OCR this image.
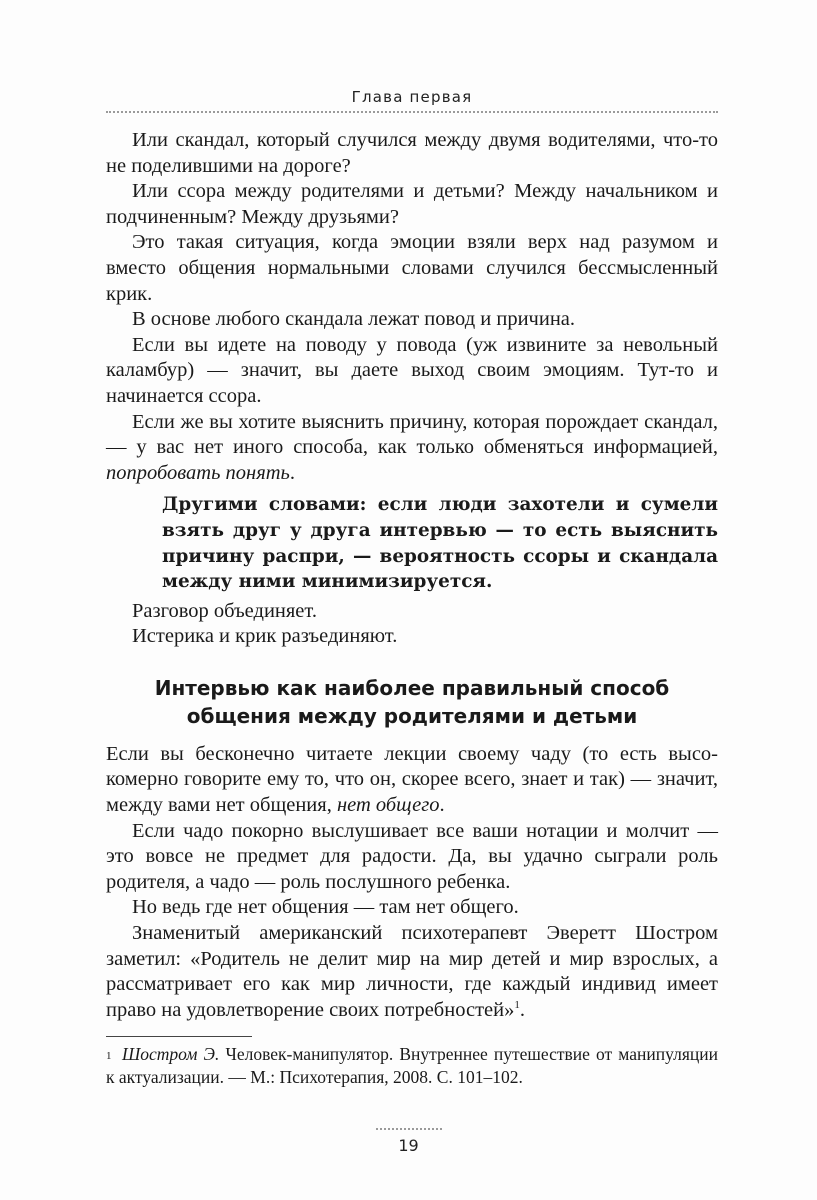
Глава первая

Или скандал, который случился между двумя водителями, что-то не поделившими на дороге?

Или ссора между родителями и детьми? Между начальником и подчиненным? Между друзьями?

Это такая ситуация, когда эмоции взяли верх над разумом и вместо общения нормальными словами случился бессмысленный крик.

В основе любого скандала лежат повод и причина.

Если вы идете на поводу у повода (уж извините за невольный каламбур) — значит, вы даете выход своим эмоциям. Тут-то и начинается ссора.

Если же вы хотите выяснить причину, которая порождает скандал, — у вас нет иного способа, как только обменяться информацией, попробовать понять.

Другими словами: если люди захотели и сумели взять друг у друга интервью — то есть выяснить причину распри, — вероятность ссоры и скандала между ними минимизируется.

Разговор объединяет.

Истерика и крик разъединяют.

Интервью как наиболее правильный способ общения между родителями и детьми

Если вы бесконечно читаете лекции своему чаду (то есть высокомерно говорите ему то, что он, скорее всего, знает и так) — значит, между вами нет общения, нет общего.

Если чадо покорно выслушивает все ваши нотации и молчит — это вовсе не предмет для радости. Да, вы удачно сыграли роль родителя, а чадо — роль послушного ребенка.

Но ведь где нет общения — там нет общего.

Знаменитый американский психотерапевт Эверетт Шостром заметил: «Родитель не делит мир на мир детей и мир взрослых, а рассматривает его как мир личности, где каждый индивид имеет право на удовлетворение своих потребностей»$^1$.

1 Шостром Э. Человек-манипулятор. Внутреннее путешествие от манипуляции к актуализации. — М.: Психотерапия, 2008. С. 101–102.
19
